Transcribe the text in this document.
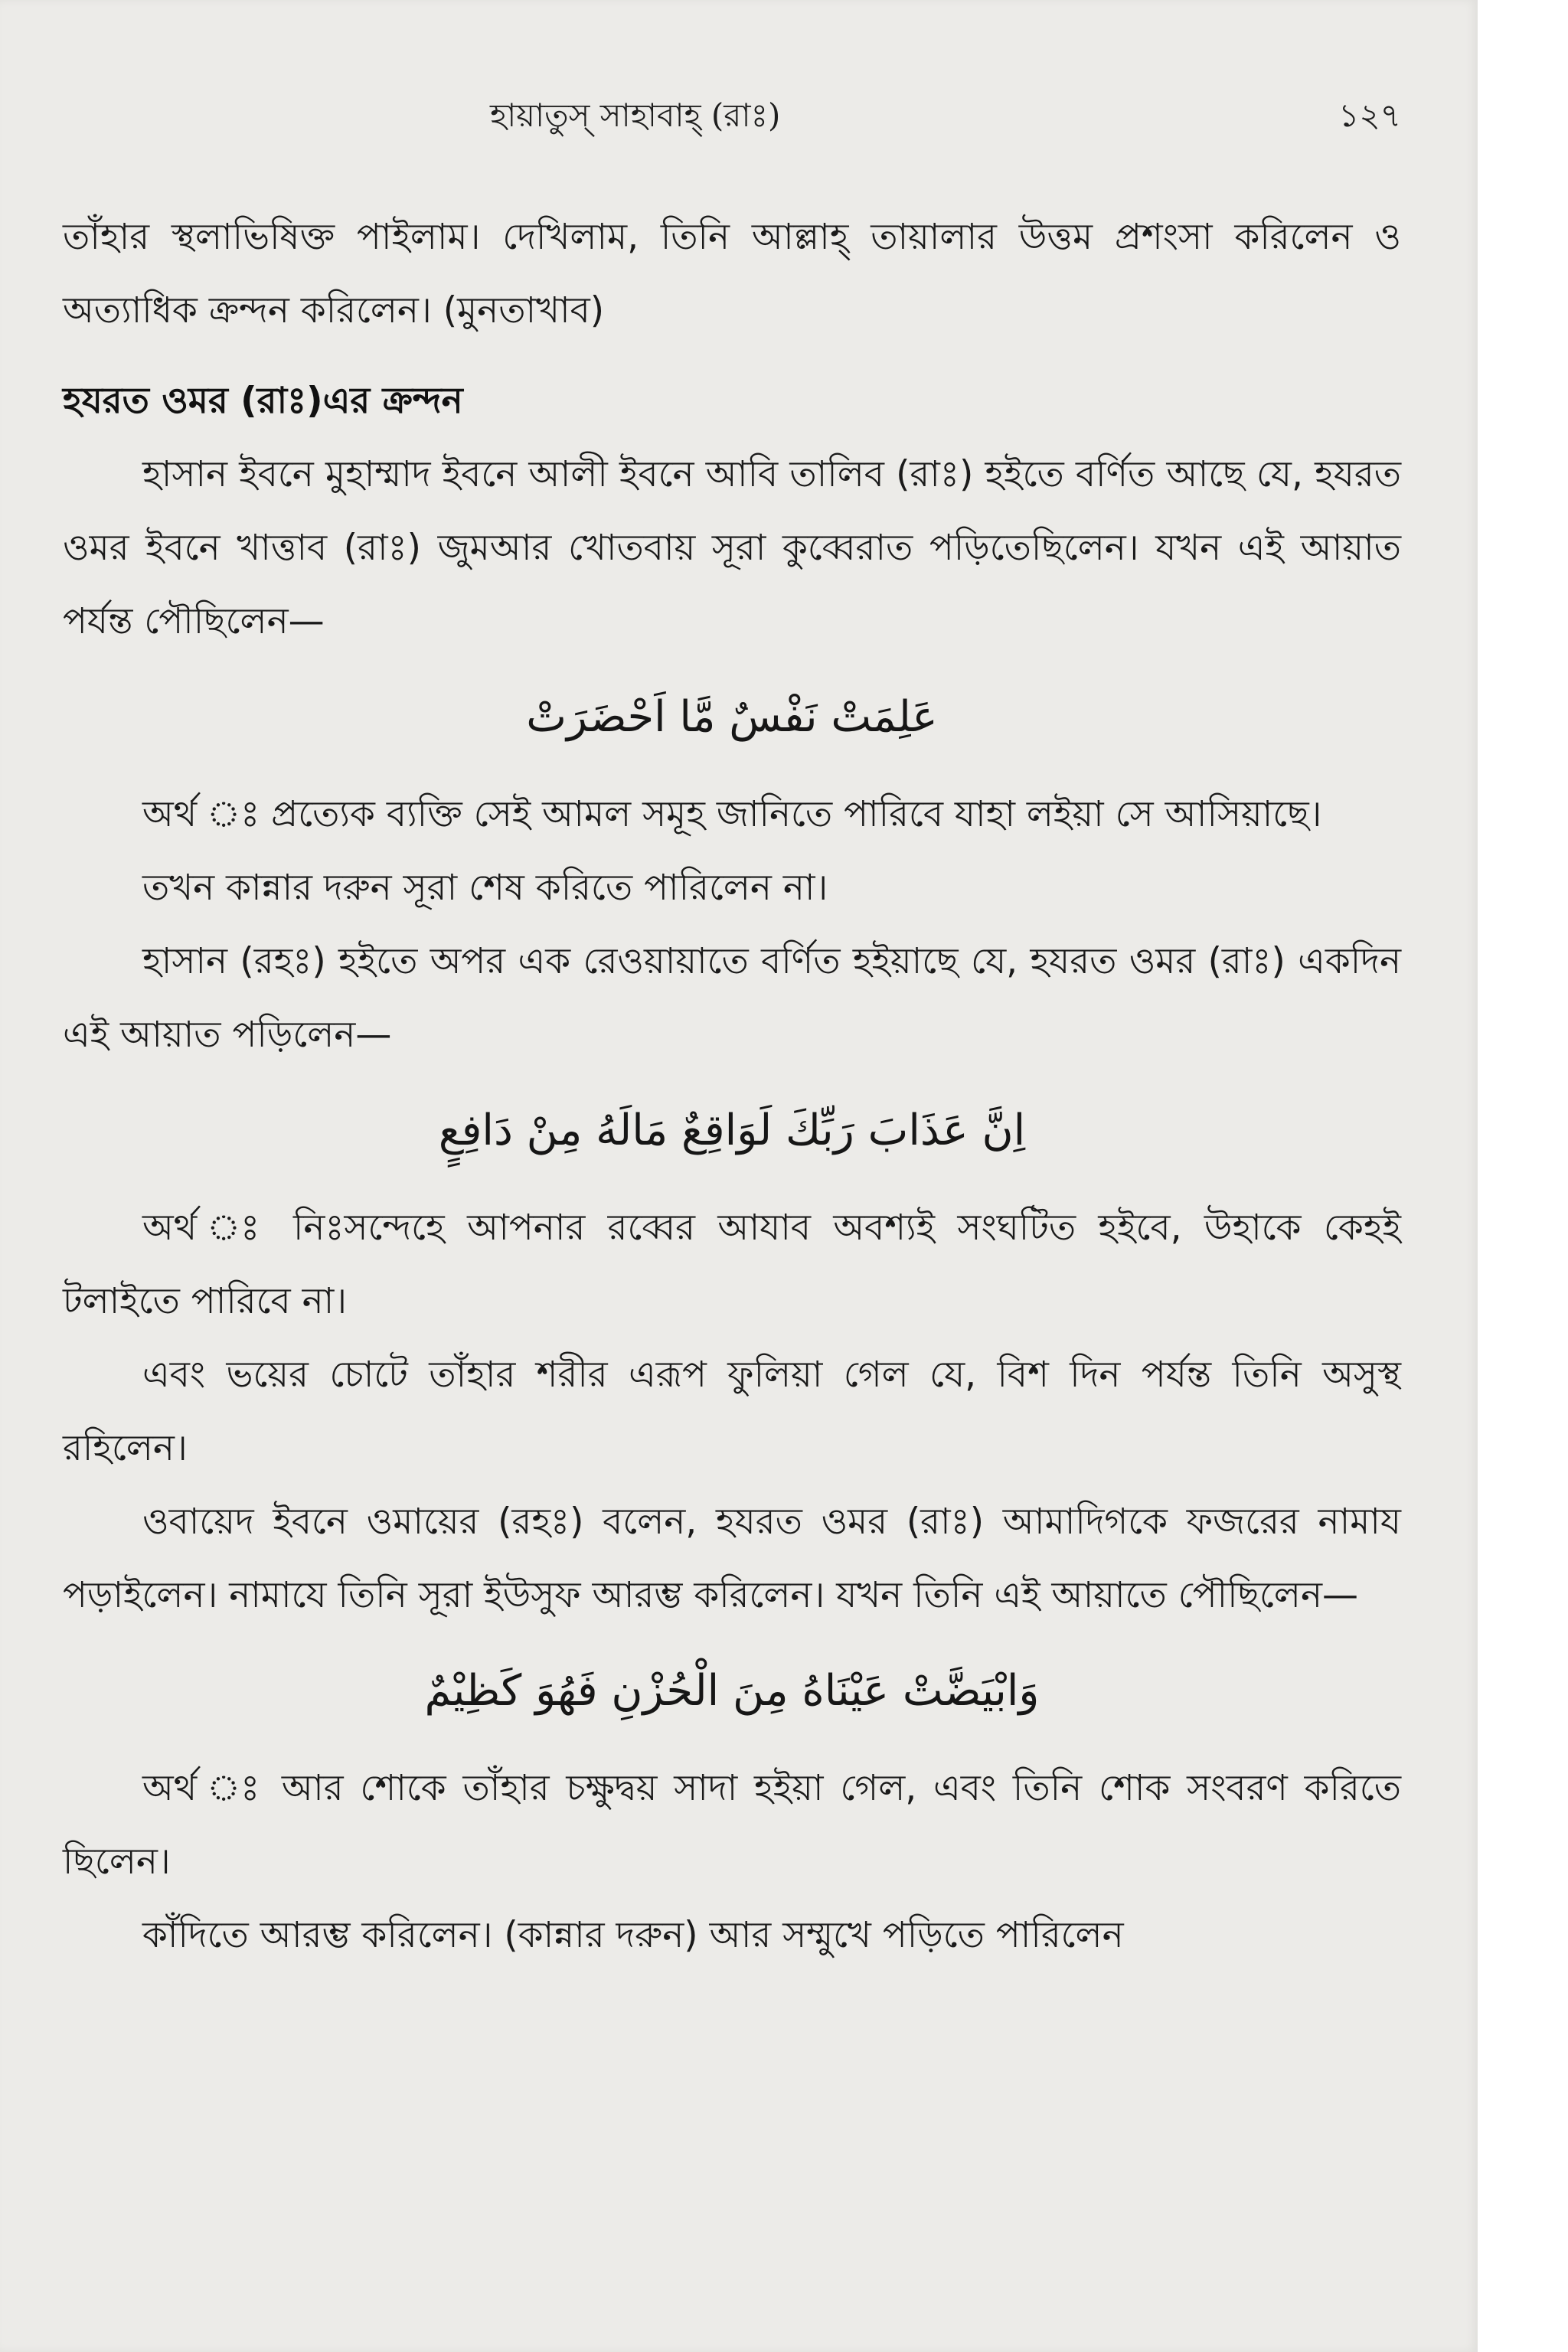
হায়াতুস্ সাহাবাহ্ (রাঃ)	১২৭

তাঁহার স্থলাভিষিক্ত পাইলাম। দেখিলাম, তিনি আল্লাহ্ তায়ালার উত্তম প্রশংসা করিলেন ও অত্যাধিক ক্রন্দন করিলেন। (মুনতাখাব)

হযরত ওমর (রাঃ)এর ক্রন্দন

হাসান ইবনে মুহাম্মাদ ইবনে আলী ইবনে আবি তালিব (রাঃ) হইতে বর্ণিত আছে যে, হযরত ওমর ইবনে খাত্তাব (রাঃ) জুমআর খোতবায় সূরা কুব্বেরাত পড়িতেছিলেন। যখন এই আয়াত পর্যন্ত পৌছিলেন—

عَلِمَتْ نَفْسٌ مَّا اَحْضَرَتْ

অর্থ ঃ প্রত্যেক ব্যক্তি সেই আমল সমূহ জানিতে পারিবে যাহা লইয়া সে আসিয়াছে।

তখন কান্নার দরুন সূরা শেষ করিতে পারিলেন না।

হাসান (রহঃ) হইতে অপর এক রেওয়ায়াতে বর্ণিত হইয়াছে যে, হযরত ওমর (রাঃ) একদিন এই আয়াত পড়িলেন—

اِنَّ عَذَابَ رَبِّكَ لَوَاقِعٌ مَالَهُ مِنْ دَافِعٍ

অর্থ ঃ নিঃসন্দেহে আপনার রব্বের আযাব অবশ্যই সংঘটিত হইবে, উহাকে কেহই টলাইতে পারিবে না।

এবং ভয়ের চোটে তাঁহার শরীর এরূপ ফুলিয়া গেল যে, বিশ দিন পর্যন্ত তিনি অসুস্থ রহিলেন।

ওবায়েদ ইবনে ওমায়ের (রহঃ) বলেন, হযরত ওমর (রাঃ) আমাদিগকে ফজরের নামায পড়াইলেন। নামাযে তিনি সূরা ইউসুফ আরম্ভ করিলেন। যখন তিনি এই আয়াতে পৌছিলেন—

وَابْيَضَّتْ عَيْنَاهُ مِنَ الْحُزْنِ فَهُوَ كَظِيْمٌ

অর্থ ঃ আর শোকে তাঁহার চক্ষুদ্বয় সাদা হইয়া গেল, এবং তিনি শোক সংবরণ করিতে ছিলেন।

কাঁদিতে আরম্ভ করিলেন। (কান্নার দরুন) আর সম্মুখে পড়িতে পারিলেন
